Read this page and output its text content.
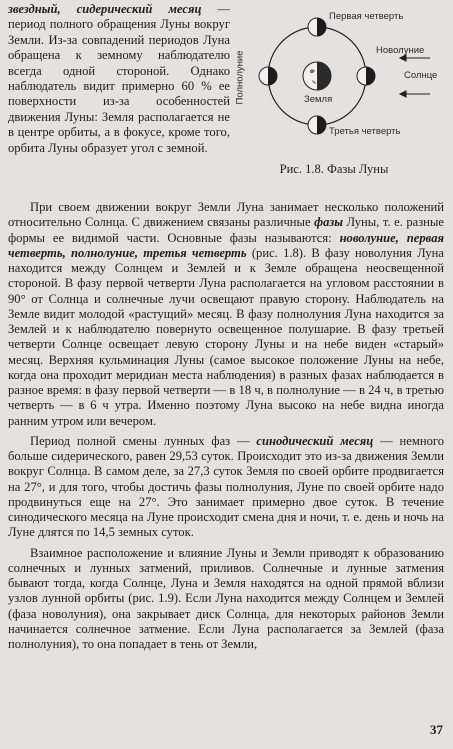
звездный, сидерический месяц — период полного обращения Луны вокруг Земли. Из-за совпадений периодов Луна обращена к земному наблюдателю всегда одной стороной. Однако наблюдатель видит примерно 60 % ее поверхности из-за особенностей движения Луны: Земля располагается не в центре орбиты, а в фокусе, кроме того, орбита Луны образует угол с земной.
Первая четверть
Новолуние
Солнце
Полнолуние	Земля
Третья четверть
Рис. 1.8. Фазы Луны

При своем движении вокруг Земли Луна занимает несколько положений относительно Солнца. С движением связаны различные фазы Луны, т. е. разные формы ее видимой части. Основные фазы называются: новолуние, первая четверть, полнолуние, третья четверть (рис. 1.8). В фазу новолуния Луна находится между Солнцем и Землей и к Земле обращена неосвещенной стороной. В фазу первой четверти Луна располагается на угловом расстоянии в 90° от Солнца и солнечные лучи освещают правую сторону. Наблюдатель на Земле видит молодой «растущий» месяц. В фазу полнолуния Луна находится за Землей и к наблюдателю повернуто освещенное полушарие. В фазу третьей четверти Солнце освещает левую сторону Луны и на небе виден «старый» месяц. Верхняя кульминация Луны (самое высокое положение Луны на небе, когда она проходит меридиан места наблюдения) в разных фазах наблюдается в разное время: в фазу первой четверти — в 18 ч, в полнолуние — в 24 ч, в третью четверть — в 6 ч утра. Именно поэтому Луна высоко на небе видна иногда ранним утром или вечером.

Период полной смены лунных фаз — синодический месяц — немного больше сидерического, равен 29,53 суток. Происходит это из-за движения Земли вокруг Солнца. В самом деле, за 27,3 суток Земля по своей орбите продвигается на 27°, и для того, чтобы достичь фазы полнолуния, Луне по своей орбите надо продвинуться еще на 27°. Это занимает примерно двое суток. В течение синодического месяца на Луне происходит смена дня и ночи, т. е. день и ночь на Луне длятся по 14,5 земных суток.

Взаимное расположение и влияние Луны и Земли приводят к образованию солнечных и лунных затмений, приливов. Солнечные и лунные затмения бывают тогда, когда Солнце, Луна и Земля находятся на одной прямой вблизи узлов лунной орбиты (рис. 1.9). Если Луна находится между Солнцем и Землей (фаза новолуния), она закрывает диск Солнца, для некоторых районов Земли начинается солнечное затмение. Если Луна располагается за Землей (фаза полнолуния), то она попадает в тень от Земли,

37
